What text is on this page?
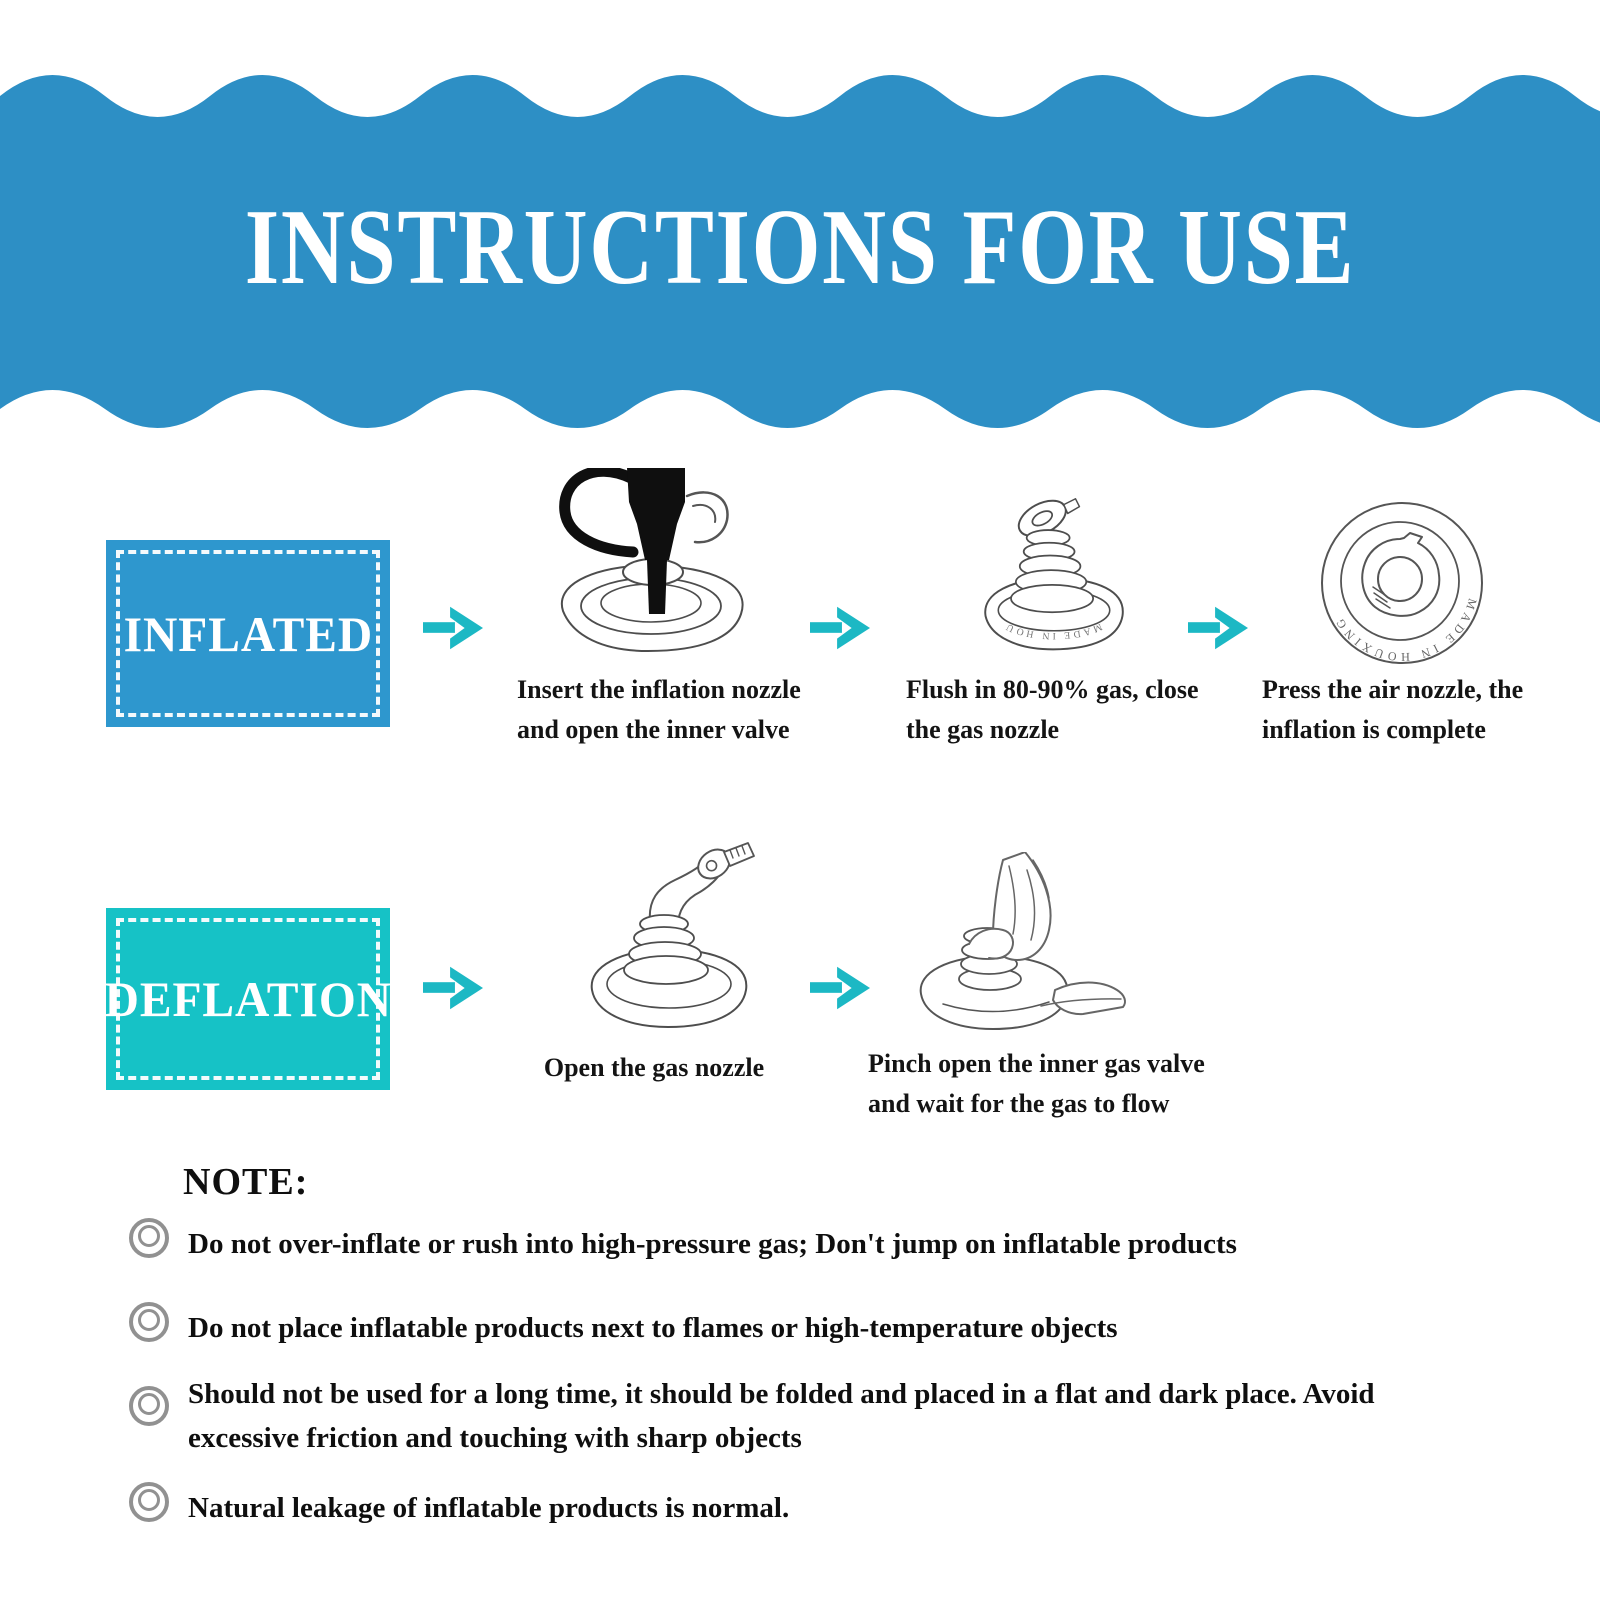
INSTRUCTIONS FOR USE
INFLATED
Insert the inflation nozzle
and open the inner valve
MADE IN HOU
Flush in 80-90% gas, close
the gas nozzle
MADE IN HOUXING
Press the air nozzle, the
inflation is complete
DEFLATION
Open the gas nozzle	Pinch open the inner gas valve
and wait for the gas to flow
NOTE:
Do not over-inflate or rush into high-pressure gas; Don't jump on inflatable products
Do not place inflatable products next to flames or high-temperature objects
Should not be used for a long time, it should be folded and placed in a flat and dark place. Avoid excessive friction and touching with sharp objects
Natural leakage of inflatable products is normal.
